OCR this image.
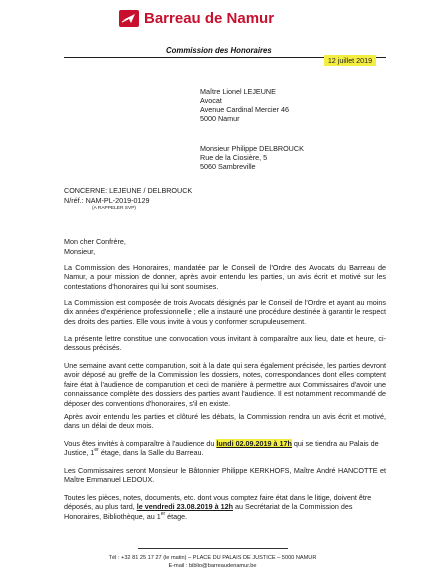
Barreau de Namur
Commission des Honoraires
12 juillet 2019
Maître Lionel LEJEUNE
Avocat
Avenue Cardinal Mercier 46
5000 Namur
Monsieur Philippe DELBROUCK
Rue de la Ciosière, 5
5060 Sambreville
CONCERNE: LEJEUNE / DELBROUCK
N/réf.: NAM-PL-2019-0129
(A RAPPELER SVP)
Mon cher Confrère,
Monsieur,
La Commission des Honoraires, mandatée par le Conseil de l'Ordre des Avocats du Barreau de Namur, a pour mission de donner, après avoir entendu les parties, un avis écrit et motivé sur les contestations d'honoraires qui lui sont soumises.
La Commission est composée de trois Avocats désignés par le Conseil de l'Ordre et ayant au moins dix années d'expérience professionnelle ; elle a instauré une procédure destinée à garantir le respect des droits des parties. Elle vous invite à vous y conformer scrupuleusement.
La présente lettre constitue une convocation vous invitant à comparaître aux lieu, date et heure, ci-dessous précisés.
Une semaine avant cette comparution, soit à la date qui sera également précisée, les parties devront avoir déposé au greffe de la Commission les dossiers, notes, correspondances dont elles comptent faire état à l'audience de comparution et ceci de manière à permettre aux Commissaires d'avoir une connaissance complète des dossiers des parties avant l'audience. Il est notamment recommandé de déposer des conventions d'honoraires, s'il en existe.
Après avoir entendu les parties et clôturé les débats, la Commission rendra un avis écrit et motivé, dans un délai de deux mois.
Vous êtes invités à comparaître à l'audience du lundi 02.09.2019 à 17h qui se tiendra au Palais de
Justice, 1er étage, dans la Salle du Barreau.
Les Commissaires seront Monsieur le Bâtonnier Philippe KERKHOFS, Maître André HANCOTTE et Maître Emmanuel LEDOUX.
Toutes les pièces, notes, documents, etc. dont vous comptez faire état dans le litige, doivent être
déposés, au plus tard, le vendredi 23.08.2019 à 12h au Secrétariat de la Commission des
Honoraires, Bibliothèque, au 1er étage.
Tél : +32 81 25 17 27 (le matin) – PLACE DU PALAIS DE JUSTICE – 5000 NAMUR
E-mail : biblio@barreaudenamur.be
